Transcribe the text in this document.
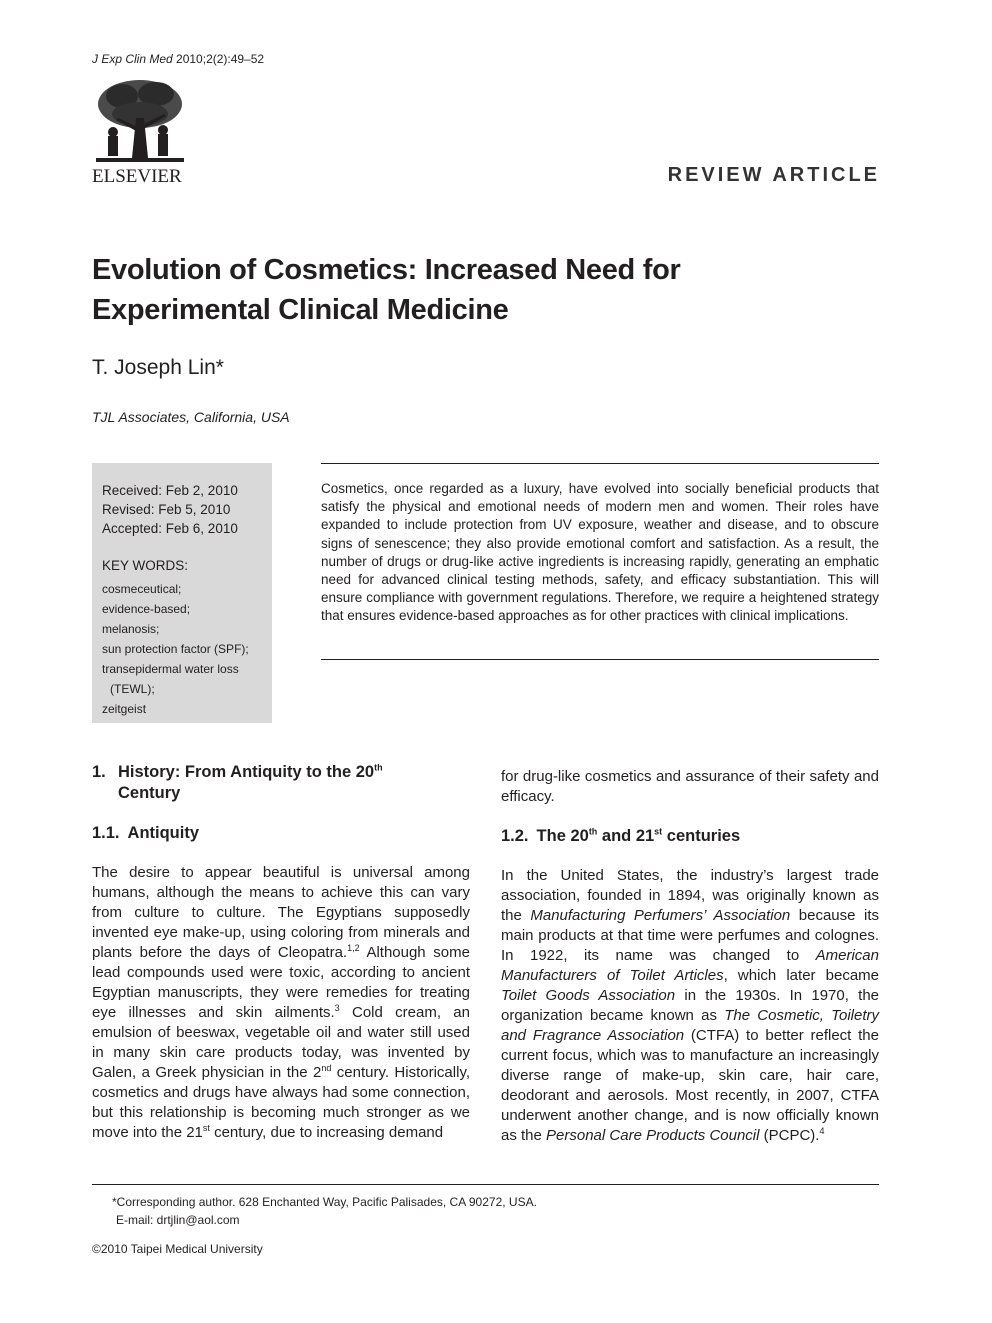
J Exp Clin Med 2010;2(2):49–52
ELSEVIER	REVIEW ARTICLE
Evolution of Cosmetics: Increased Need for Experimental Clinical Medicine
T. Joseph Lin*
TJL Associates, California, USA
Received: Feb 2, 2010
Revised: Feb 5, 2010
Accepted: Feb 6, 2010
KEY WORDS:
cosmeceutical;
evidence-based;
melanosis;
sun protection factor (SPF);
transepidermal water loss
(TEWL);
zeitgeist
Cosmetics, once regarded as a luxury, have evolved into socially beneficial products that satisfy the physical and emotional needs of modern men and women. Their roles have expanded to include protection from UV exposure, weather and disease, and to obscure signs of senescence; they also provide emotional comfort and satisfaction. As a result, the number of drugs or drug-like active ingredients is increasing rapidly, generating an emphatic need for advanced clinical testing methods, safety, and efficacy substantiation. This will ensure compliance with government regulations. Therefore, we require a heightened strategy that ensures evidence-based approaches as for other practices with clinical implications.
1. History: From Antiquity to the 20th
Century
1.1. Antiquity

The desire to appear beautiful is universal among humans, although the means to achieve this can vary from culture to culture. The Egyptians supposedly invented eye make-up, using coloring from minerals and plants before the days of Cleopatra.$^{1,2}$ Although some lead compounds used were toxic, according to ancient Egyptian manuscripts, they were remedies for treating eye illnesses and skin ailments.$^3$ Cold cream, an emulsion of beeswax, vegetable oil and water still used in many skin care products today, was invented by Galen, a Greek physician in the 2nd century. Historically, cosmetics and drugs have always had some connection, but this relationship is becoming much stronger as we move into the 21st century, due to increasing demand

for drug-like cosmetics and assurance of their safety and efficacy.

1.2. The 20th and 21st centuries

In the United States, the industry’s largest trade association, founded in 1894, was originally known as the Manufacturing Perfumers’ Association because its main products at that time were perfumes and colognes. In 1922, its name was changed to American Manufacturers of Toilet Articles, which later became Toilet Goods Association in the 1930s. In 1970, the organization became known as The Cosmetic, Toiletry and Fragrance Association (CTFA) to better reflect the current focus, which was to manufacture an increasingly diverse range of make-up, skin care, hair care, deodorant and aerosols. Most recently, in 2007, CTFA underwent another change, and is now officially known as the Personal Care Products Council (PCPC).$^4$

*Corresponding author. 628 Enchanted Way, Pacific Palisades, CA 90272, USA.
E-mail: drtjlin@aol.com
©2010 Taipei Medical University
